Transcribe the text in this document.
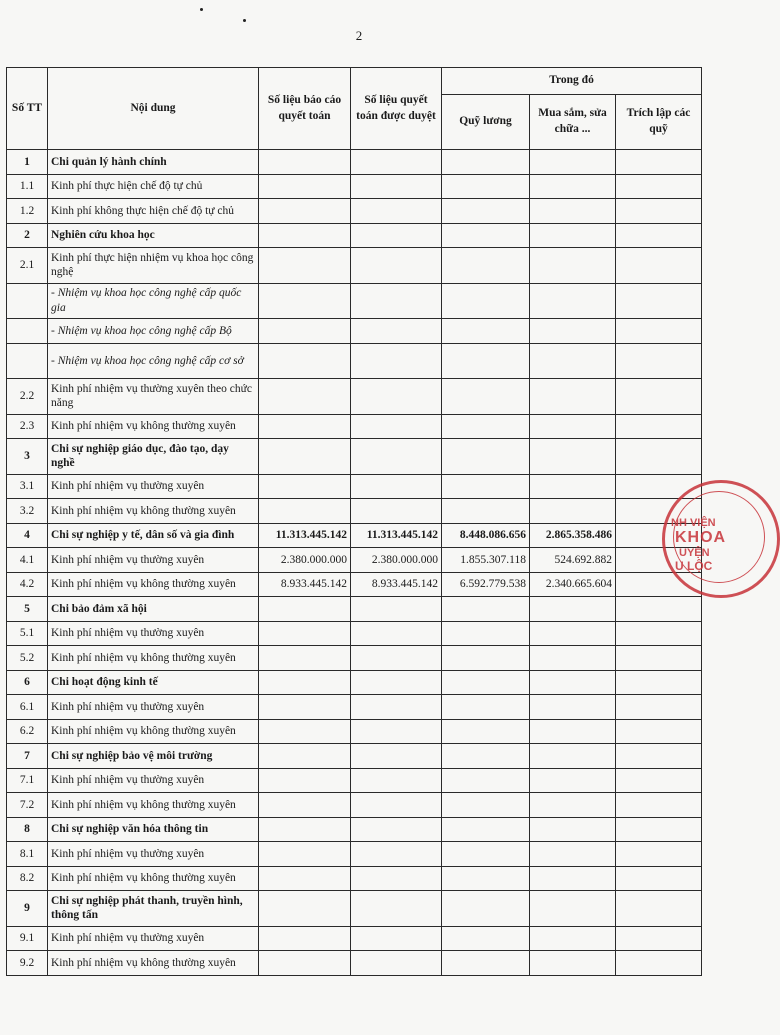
2
Số TT	Nội dung	Số liệu báo cáo quyết toán	Số liệu quyết toán được duyệt	Trong đó		
				Quỹ lương	Mua sắm, sửa chữa ...	Trích lập các quỹ
1	Chi quản lý hành chính					
1.1	Kinh phí thực hiện chế độ tự chủ					
1.2	Kinh phí không thực hiện chế độ tự chủ					
2	Nghiên cứu khoa học					
2.1	Kinh phí thực hiện nhiệm vụ khoa học công nghệ					
	- Nhiệm vụ khoa học công nghệ cấp quốc gia					
	- Nhiệm vụ khoa học công nghệ cấp Bộ					
	- Nhiệm vụ khoa học công nghệ cấp cơ sở					
2.2	Kinh phí nhiệm vụ thường xuyên theo chức năng					
2.3	Kinh phí nhiệm vụ không thường xuyên					
3	Chi sự nghiệp giáo dục, đào tạo, dạy nghề					
3.1	Kinh phí nhiệm vụ thường xuyên					
3.2	Kinh phí nhiệm vụ không thường xuyên					
4	Chi sự nghiệp y tế, dân số và gia đình	11.313.445.142	11.313.445.142	8.448.086.656	2.865.358.486	
4.1	Kinh phí nhiệm vụ thường xuyên	2.380.000.000	2.380.000.000	1.855.307.118	524.692.882	
4.2	Kinh phí nhiệm vụ không thường xuyên	8.933.445.142	8.933.445.142	6.592.779.538	2.340.665.604	
5	Chi bảo đảm xã hội					
5.1	Kinh phí nhiệm vụ thường xuyên					
5.2	Kinh phí nhiệm vụ không thường xuyên					
6	Chi hoạt động kinh tế					
6.1	Kinh phí nhiệm vụ thường xuyên					
6.2	Kinh phí nhiệm vụ không thường xuyên					
7	Chi sự nghiệp bảo vệ môi trường					
7.1	Kinh phí nhiệm vụ thường xuyên					
7.2	Kinh phí nhiệm vụ không thường xuyên					
8	Chi sự nghiệp văn hóa thông tin					
8.1	Kinh phí nhiệm vụ thường xuyên					
8.2	Kinh phí nhiệm vụ không thường xuyên					
9	Chi sự nghiệp phát thanh, truyền hình, thông tấn					
9.1	Kinh phí nhiệm vụ thường xuyên					
9.2	Kinh phí nhiệm vụ không thường xuyên					
NH VIỆN
KHOA
UYỆN
U LỘC
